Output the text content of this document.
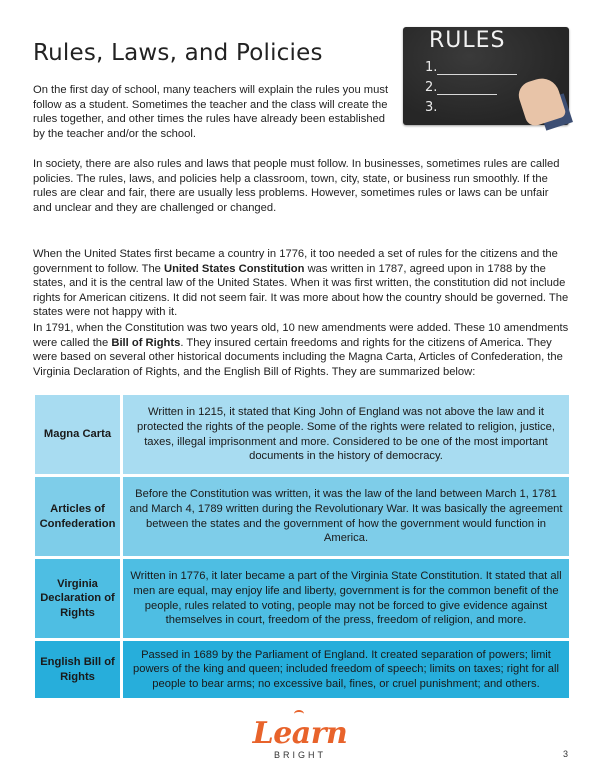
Rules, Laws, and Policies	RULES
1.
2.
3.

On the first day of school, many teachers will explain the rules you must follow as a student. Sometimes the teacher and the class will create the rules together, and other times the rules have already been established by the teacher and/or the school.

In society, there are also rules and laws that people must follow. In businesses, sometimes rules are called policies. The rules, laws, and policies help a classroom, town, city, state, or business run smoothly. If the rules are clear and fair, there are usually less problems. However, sometimes rules or laws can be unfair and unclear and they are challenged or changed.

When the United States first became a country in 1776, it too needed a set of rules for the citizens and the government to follow. The United States Constitution was written in 1787, agreed upon in 1788 by the states, and it is the central law of the United States. When it was first written, the constitution did not include rights for American citizens. It did not seem fair. It was more about how the country should be governed. The states were not happy with it.

In 1791, when the Constitution was two years old, 10 new amendments were added. These 10 amendments were called the Bill of Rights. They insured certain freedoms and rights for the citizens of America. They were based on several other historical documents including the Magna Carta, Articles of Confederation, the Virginia Declaration of Rights, and the English Bill of Rights. They are summarized below:

Magna Carta
Written in 1215, it stated that King John of England was not above the law and it protected the rights of the people. Some of the rights were related to religion, justice, taxes, illegal imprisonment and more. Considered to be one of the most important documents in the history of democracy.
Articles of Confederation
Before the Constitution was written, it was the law of the land between March 1, 1781 and March 4, 1789 written during the Revolutionary War. It was basically the agreement between the states and the government of how the government would function in America.
Virginia Declaration of Rights
Written in 1776, it later became a part of the Virginia State Constitution. It stated that all men are equal, may enjoy life and liberty, government is for the common benefit of the people, rules related to voting, people may not be forced to give evidence against themselves in court, freedom of the press, freedom of religion, and more.
English Bill of Rights
Passed in 1689 by the Parliament of England. It created separation of powers; limit powers of the king and queen; included freedom of speech; limits on taxes; right for all people to bear arms; no excessive bail, fines, or cruel punishment; and others.
Learn
BRIGHT	3
